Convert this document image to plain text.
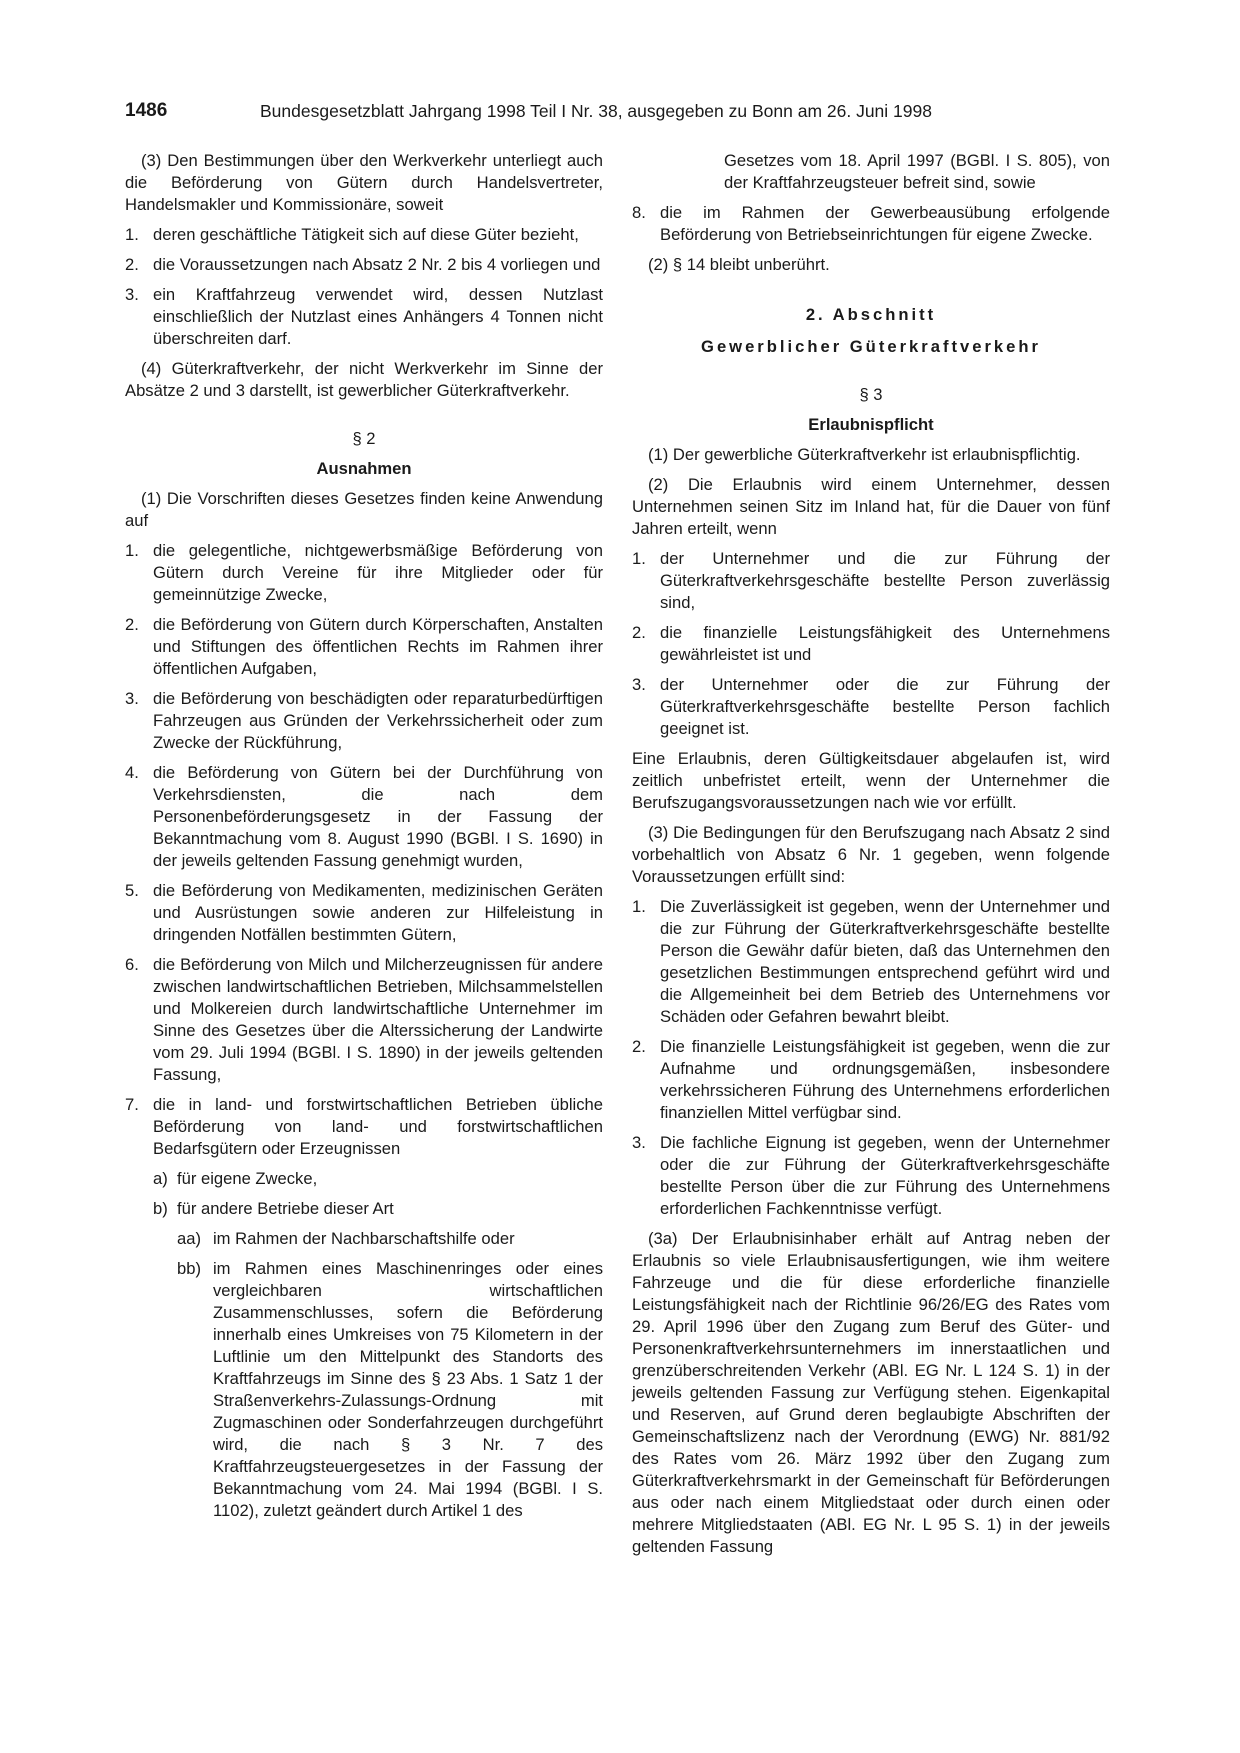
1486	Bundesgesetzblatt Jahrgang 1998 Teil I Nr. 38, ausgegeben zu Bonn am 26. Juni 1998

(3) Den Bestimmungen über den Werkverkehr unterliegt auch die Beförderung von Gütern durch Handelsvertreter, Handelsmakler und Kommissionäre, soweit

1. deren geschäftliche Tätigkeit sich auf diese Güter bezieht,
2. die Voraussetzungen nach Absatz 2 Nr. 2 bis 4 vorliegen und
3. ein Kraftfahrzeug verwendet wird, dessen Nutzlast einschließlich der Nutzlast eines Anhängers 4 Tonnen nicht überschreiten darf.

(4) Güterkraftverkehr, der nicht Werkverkehr im Sinne der Absätze 2 und 3 darstellt, ist gewerblicher Güterkraftverkehr.

§ 2
Ausnahmen

(1) Die Vorschriften dieses Gesetzes finden keine Anwendung auf

1. die gelegentliche, nichtgewerbsmäßige Beförderung von Gütern durch Vereine für ihre Mitglieder oder für gemeinnützige Zwecke,
2. die Beförderung von Gütern durch Körperschaften, Anstalten und Stiftungen des öffentlichen Rechts im Rahmen ihrer öffentlichen Aufgaben,
3. die Beförderung von beschädigten oder reparaturbedürftigen Fahrzeugen aus Gründen der Verkehrssicherheit oder zum Zwecke der Rückführung,
4. die Beförderung von Gütern bei der Durchführung von Verkehrsdiensten, die nach dem Personenbeförderungsgesetz in der Fassung der Bekanntmachung vom 8. August 1990 (BGBl. I S. 1690) in der jeweils geltenden Fassung genehmigt wurden,
5. die Beförderung von Medikamenten, medizinischen Geräten und Ausrüstungen sowie anderen zur Hilfeleistung in dringenden Notfällen bestimmten Gütern,
6. die Beförderung von Milch und Milcherzeugnissen für andere zwischen landwirtschaftlichen Betrieben, Milchsammelstellen und Molkereien durch landwirtschaftliche Unternehmer im Sinne des Gesetzes über die Alterssicherung der Landwirte vom 29. Juli 1994 (BGBl. I S. 1890) in der jeweils geltenden Fassung,
7. die in land- und forstwirtschaftlichen Betrieben übliche Beförderung von land- und forstwirtschaftlichen Bedarfsgütern oder Erzeugnissen
a) für eigene Zwecke,
b) für andere Betriebe dieser Art
aa) im Rahmen der Nachbarschaftshilfe oder
bb) im Rahmen eines Maschinenringes oder eines vergleichbaren wirtschaftlichen Zusammenschlusses, sofern die Beförderung innerhalb eines Umkreises von 75 Kilometern in der Luftlinie um den Mittelpunkt des Standorts des Kraftfahrzeugs im Sinne des § 23 Abs. 1 Satz 1 der Straßenverkehrs-Zulassungs-Ordnung mit Zugmaschinen oder Sonderfahrzeugen durchgeführt wird, die nach § 3 Nr. 7 des Kraftfahrzeugsteuergesetzes in der Fassung der Bekanntmachung vom 24. Mai 1994 (BGBl. I S. 1102), zuletzt geändert durch Artikel 1 des

Gesetzes vom 18. April 1997 (BGBl. I S. 805), von der Kraftfahrzeugsteuer befreit sind, sowie

8. die im Rahmen der Gewerbeausübung erfolgende Beförderung von Betriebseinrichtungen für eigene Zwecke.

(2) § 14 bleibt unberührt.

2. Abschnitt
Gewerblicher Güterkraftverkehr
§ 3
Erlaubnispflicht

(1) Der gewerbliche Güterkraftverkehr ist erlaubnispflichtig.

(2) Die Erlaubnis wird einem Unternehmer, dessen Unternehmen seinen Sitz im Inland hat, für die Dauer von fünf Jahren erteilt, wenn

1. der Unternehmer und die zur Führung der Güterkraftverkehrsgeschäfte bestellte Person zuverlässig sind,
2. die finanzielle Leistungsfähigkeit des Unternehmens gewährleistet ist und
3. der Unternehmer oder die zur Führung der Güterkraftverkehrsgeschäfte bestellte Person fachlich geeignet ist.

Eine Erlaubnis, deren Gültigkeitsdauer abgelaufen ist, wird zeitlich unbefristet erteilt, wenn der Unternehmer die Berufszugangsvoraussetzungen nach wie vor erfüllt.

(3) Die Bedingungen für den Berufszugang nach Absatz 2 sind vorbehaltlich von Absatz 6 Nr. 1 gegeben, wenn folgende Voraussetzungen erfüllt sind:

1. Die Zuverlässigkeit ist gegeben, wenn der Unternehmer und die zur Führung der Güterkraftverkehrsgeschäfte bestellte Person die Gewähr dafür bieten, daß das Unternehmen den gesetzlichen Bestimmungen entsprechend geführt wird und die Allgemeinheit bei dem Betrieb des Unternehmens vor Schäden oder Gefahren bewahrt bleibt.
2. Die finanzielle Leistungsfähigkeit ist gegeben, wenn die zur Aufnahme und ordnungsgemäßen, insbesondere verkehrssicheren Führung des Unternehmens erforderlichen finanziellen Mittel verfügbar sind.
3. Die fachliche Eignung ist gegeben, wenn der Unternehmer oder die zur Führung der Güterkraftverkehrsgeschäfte bestellte Person über die zur Führung des Unternehmens erforderlichen Fachkenntnisse verfügt.

(3a) Der Erlaubnisinhaber erhält auf Antrag neben der Erlaubnis so viele Erlaubnisausfertigungen, wie ihm weitere Fahrzeuge und die für diese erforderliche finanzielle Leistungsfähigkeit nach der Richtlinie 96/26/EG des Rates vom 29. April 1996 über den Zugang zum Beruf des Güter- und Personenkraftverkehrsunternehmers im innerstaatlichen und grenzüberschreitenden Verkehr (ABl. EG Nr. L 124 S. 1) in der jeweils geltenden Fassung zur Verfügung stehen. Eigenkapital und Reserven, auf Grund deren beglaubigte Abschriften der Gemeinschaftslizenz nach der Verordnung (EWG) Nr. 881/92 des Rates vom 26. März 1992 über den Zugang zum Güterkraftverkehrsmarkt in der Gemeinschaft für Beförderungen aus oder nach einem Mitgliedstaat oder durch einen oder mehrere Mitgliedstaaten (ABl. EG Nr. L 95 S. 1) in der jeweils geltenden Fassung
